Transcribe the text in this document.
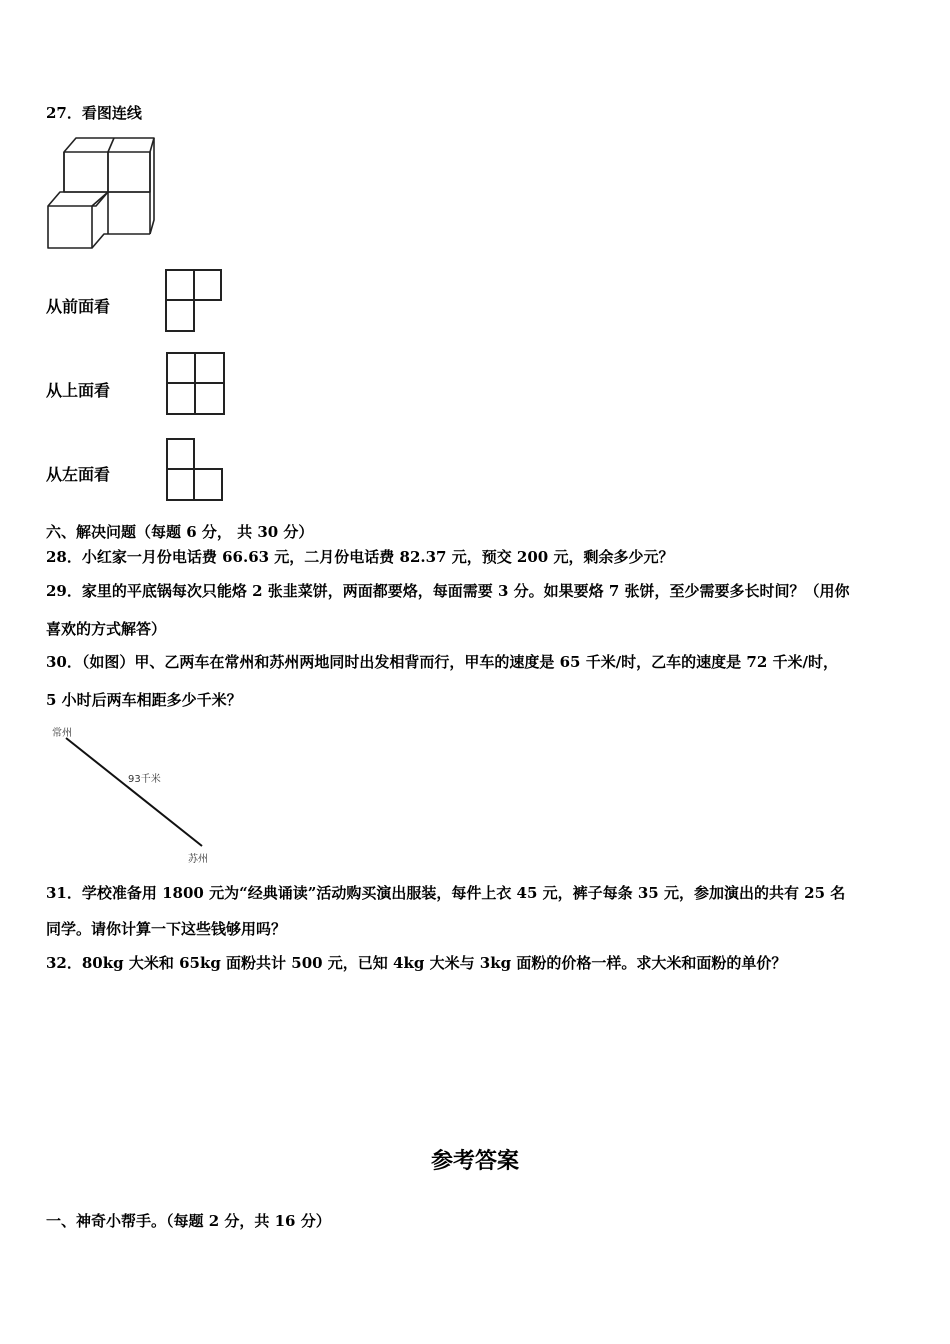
27．看图连线
从前面看
从上面看
从左面看
六、解决问题（每题 6 分， 共 30 分）
28．小红家一月份电话费 66.63 元，二月份电话费 82.37 元，预交 200 元，剩余多少元？
29．家里的平底锅每次只能烙 2 张韭菜饼，两面都要烙，每面需要 3 分。如果要烙 7 张饼，至少需要多长时间？（用你
喜欢的方式解答）
30．（如图）甲、乙两车在常州和苏州两地同时出发相背而行，甲车的速度是 65 千米/时，乙车的速度是 72 千米/时，
5 小时后两车相距多少千米？
常州
93千米
苏州
31．学校准备用 1800 元为“经典诵读”活动购买演出服装，每件上衣 45 元，裤子每条 35 元，参加演出的共有 25 名
同学。请你计算一下这些钱够用吗？
32．80kg 大米和 65kg 面粉共计 500 元，已知 4kg 大米与 3kg 面粉的价格一样。求大米和面粉的单价？
参考答案
一、神奇小帮手。（每题 2 分，共 16 分）
